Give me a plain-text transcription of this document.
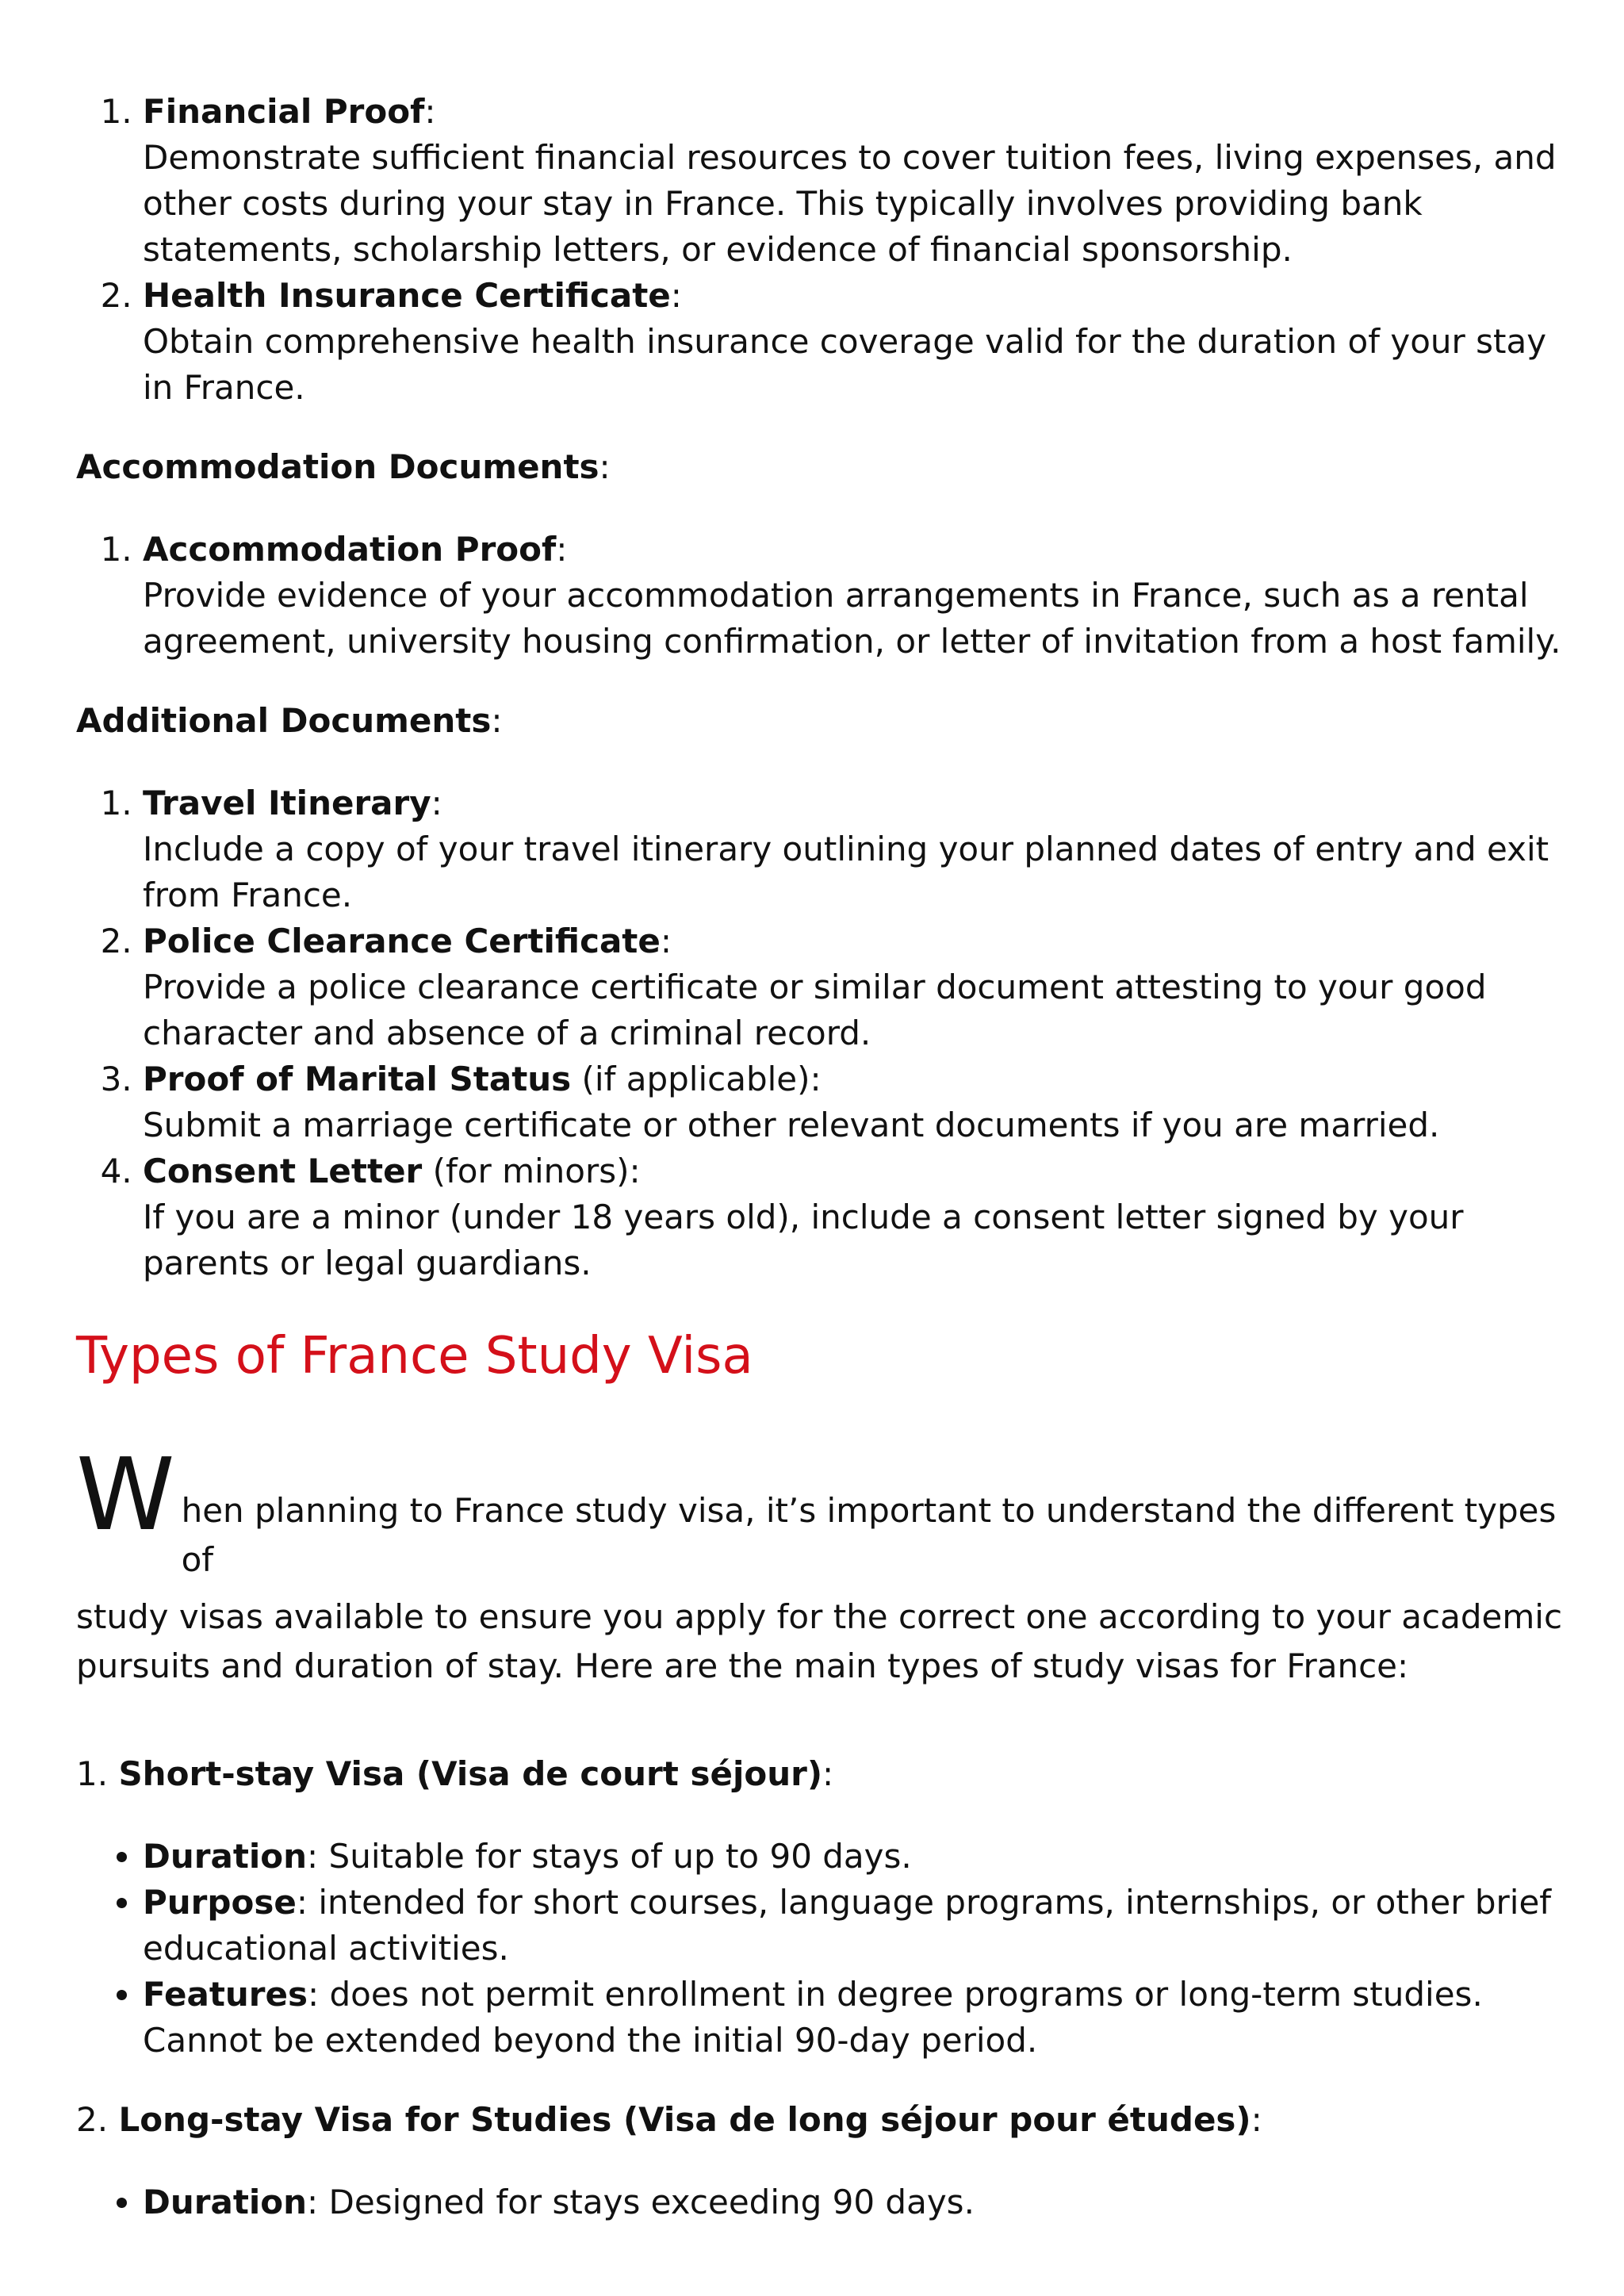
1. Financial Proof:
Demonstrate sufficient financial resources to cover tuition fees, living expenses, and other costs during your stay in France. This typically involves providing bank statements, scholarship letters, or evidence of financial sponsorship.
2. Health Insurance Certificate:
Obtain comprehensive health insurance coverage valid for the duration of your stay in France.

Accommodation Documents:

1. Accommodation Proof:
Provide evidence of your accommodation arrangements in France, such as a rental agreement, university housing confirmation, or letter of invitation from a host family.

Additional Documents:

1. Travel Itinerary:
Include a copy of your travel itinerary outlining your planned dates of entry and exit from France.
2. Police Clearance Certificate:
Provide a police clearance certificate or similar document attesting to your good character and absence of a criminal record.
3. Proof of Marital Status (if applicable):
Submit a marriage certificate or other relevant documents if you are married.
4. Consent Letter (for minors):
If you are a minor (under 18 years old), include a consent letter signed by your parents or legal guardians.
Types of France Study Visa
W hen planning to France study visa, it’s important to understand the different types of
study visas available to ensure you apply for the correct one according to your academic pursuits and duration of stay. Here are the main types of study visas for France:

1. Short-stay Visa (Visa de court séjour):

• Duration: Suitable for stays of up to 90 days.
• Purpose: intended for short courses, language programs, internships, or other brief educational activities.
• Features: does not permit enrollment in degree programs or long-term studies. Cannot be extended beyond the initial 90-day period.

2. Long-stay Visa for Studies (Visa de long séjour pour études):

• Duration: Designed for stays exceeding 90 days.
